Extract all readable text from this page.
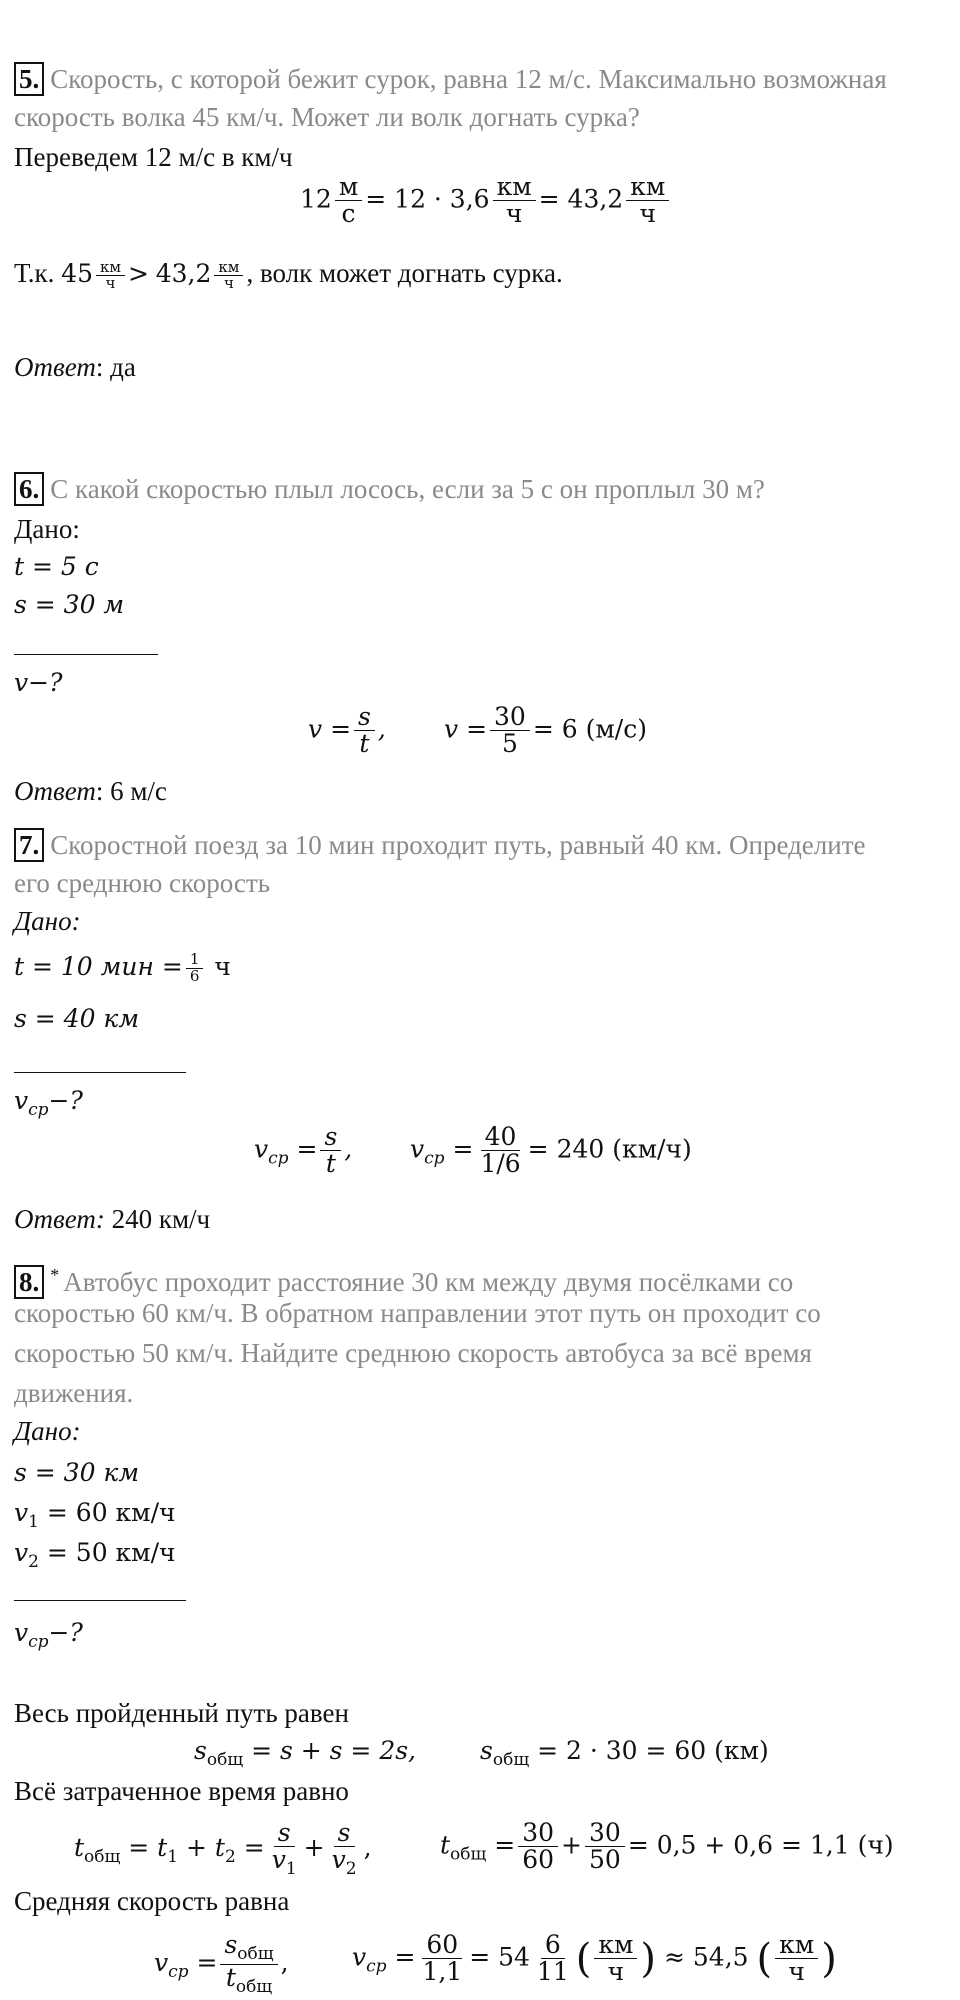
5. Скорость, с которой бежит сурок, равна 12 м/с. Максимально возможная
скорость волка 45 км/ч. Может ли волк догнать сурка?
Переведем 12 м/с в км/ч
$12 \frac{м}{с} = 12 \cdot 3,6 \frac{км}{ч} = 43,2 \frac{км}{ч}$
Т.к. $45 \frac{км}{ч} > 43,2 \frac{км}{ч}$ , волк может догнать сурка.
Ответ: да
6. С какой скоростью плыл лосось, если за 5 с он проплыл 30 м?
Дано:
t = 5 с
s = 30 м
v−?
$v = \frac{s}{t}$ , $v = \frac{30}{5} = 6$ (м/с)
Ответ: 6 м/с
7. Скоростной поезд за 10 мин проходит путь, равный 40 км. Определите
его среднюю скорость
Дано:
t = 10 мин = $\frac{1}{6}$ ч
s = 40 км
$v_{ср}-$?
$v_{ср} = \frac{s}{t}$ , $v_{ср} = \frac{40}{1/6} = 240$ (км/ч)
Ответ: 240 км/ч
8. * Автобус проходит расстояние 30 км между двумя посёлками со
скоростью 60 км/ч. В обратном направлении этот путь он проходит со
скоростью 50 км/ч. Найдите среднюю скорость автобуса за всё время
движения.
Дано:
s = 30 км
$v_1 = 60$ км/ч
$v_2 = 50$ км/ч
$v_{ср}-$?
Весь пройденный путь равен
$s_{общ} = s + s = 2s$,	$s_{общ} = 2 \cdot 30 = 60$ (км)
Всё затраченное время равно
$t_{общ} = t_1 + t_2 = \frac{s}{v_1} + \frac{s}{v_2}$ ,	$t_{общ} = \frac{30}{60} + \frac{30}{50} = 0,5 + 0,6 = 1,1$ (ч)
Средняя скорость равна
$v_{ср} = \frac{s_{общ}}{t_{общ}}$ ,	$v_{ср} = \frac{60}{1,1} = 54 \frac{6}{11}$ ( $\frac{км}{ч}$ ) ≈ 54,5 ( $\frac{км}{ч}$ )
